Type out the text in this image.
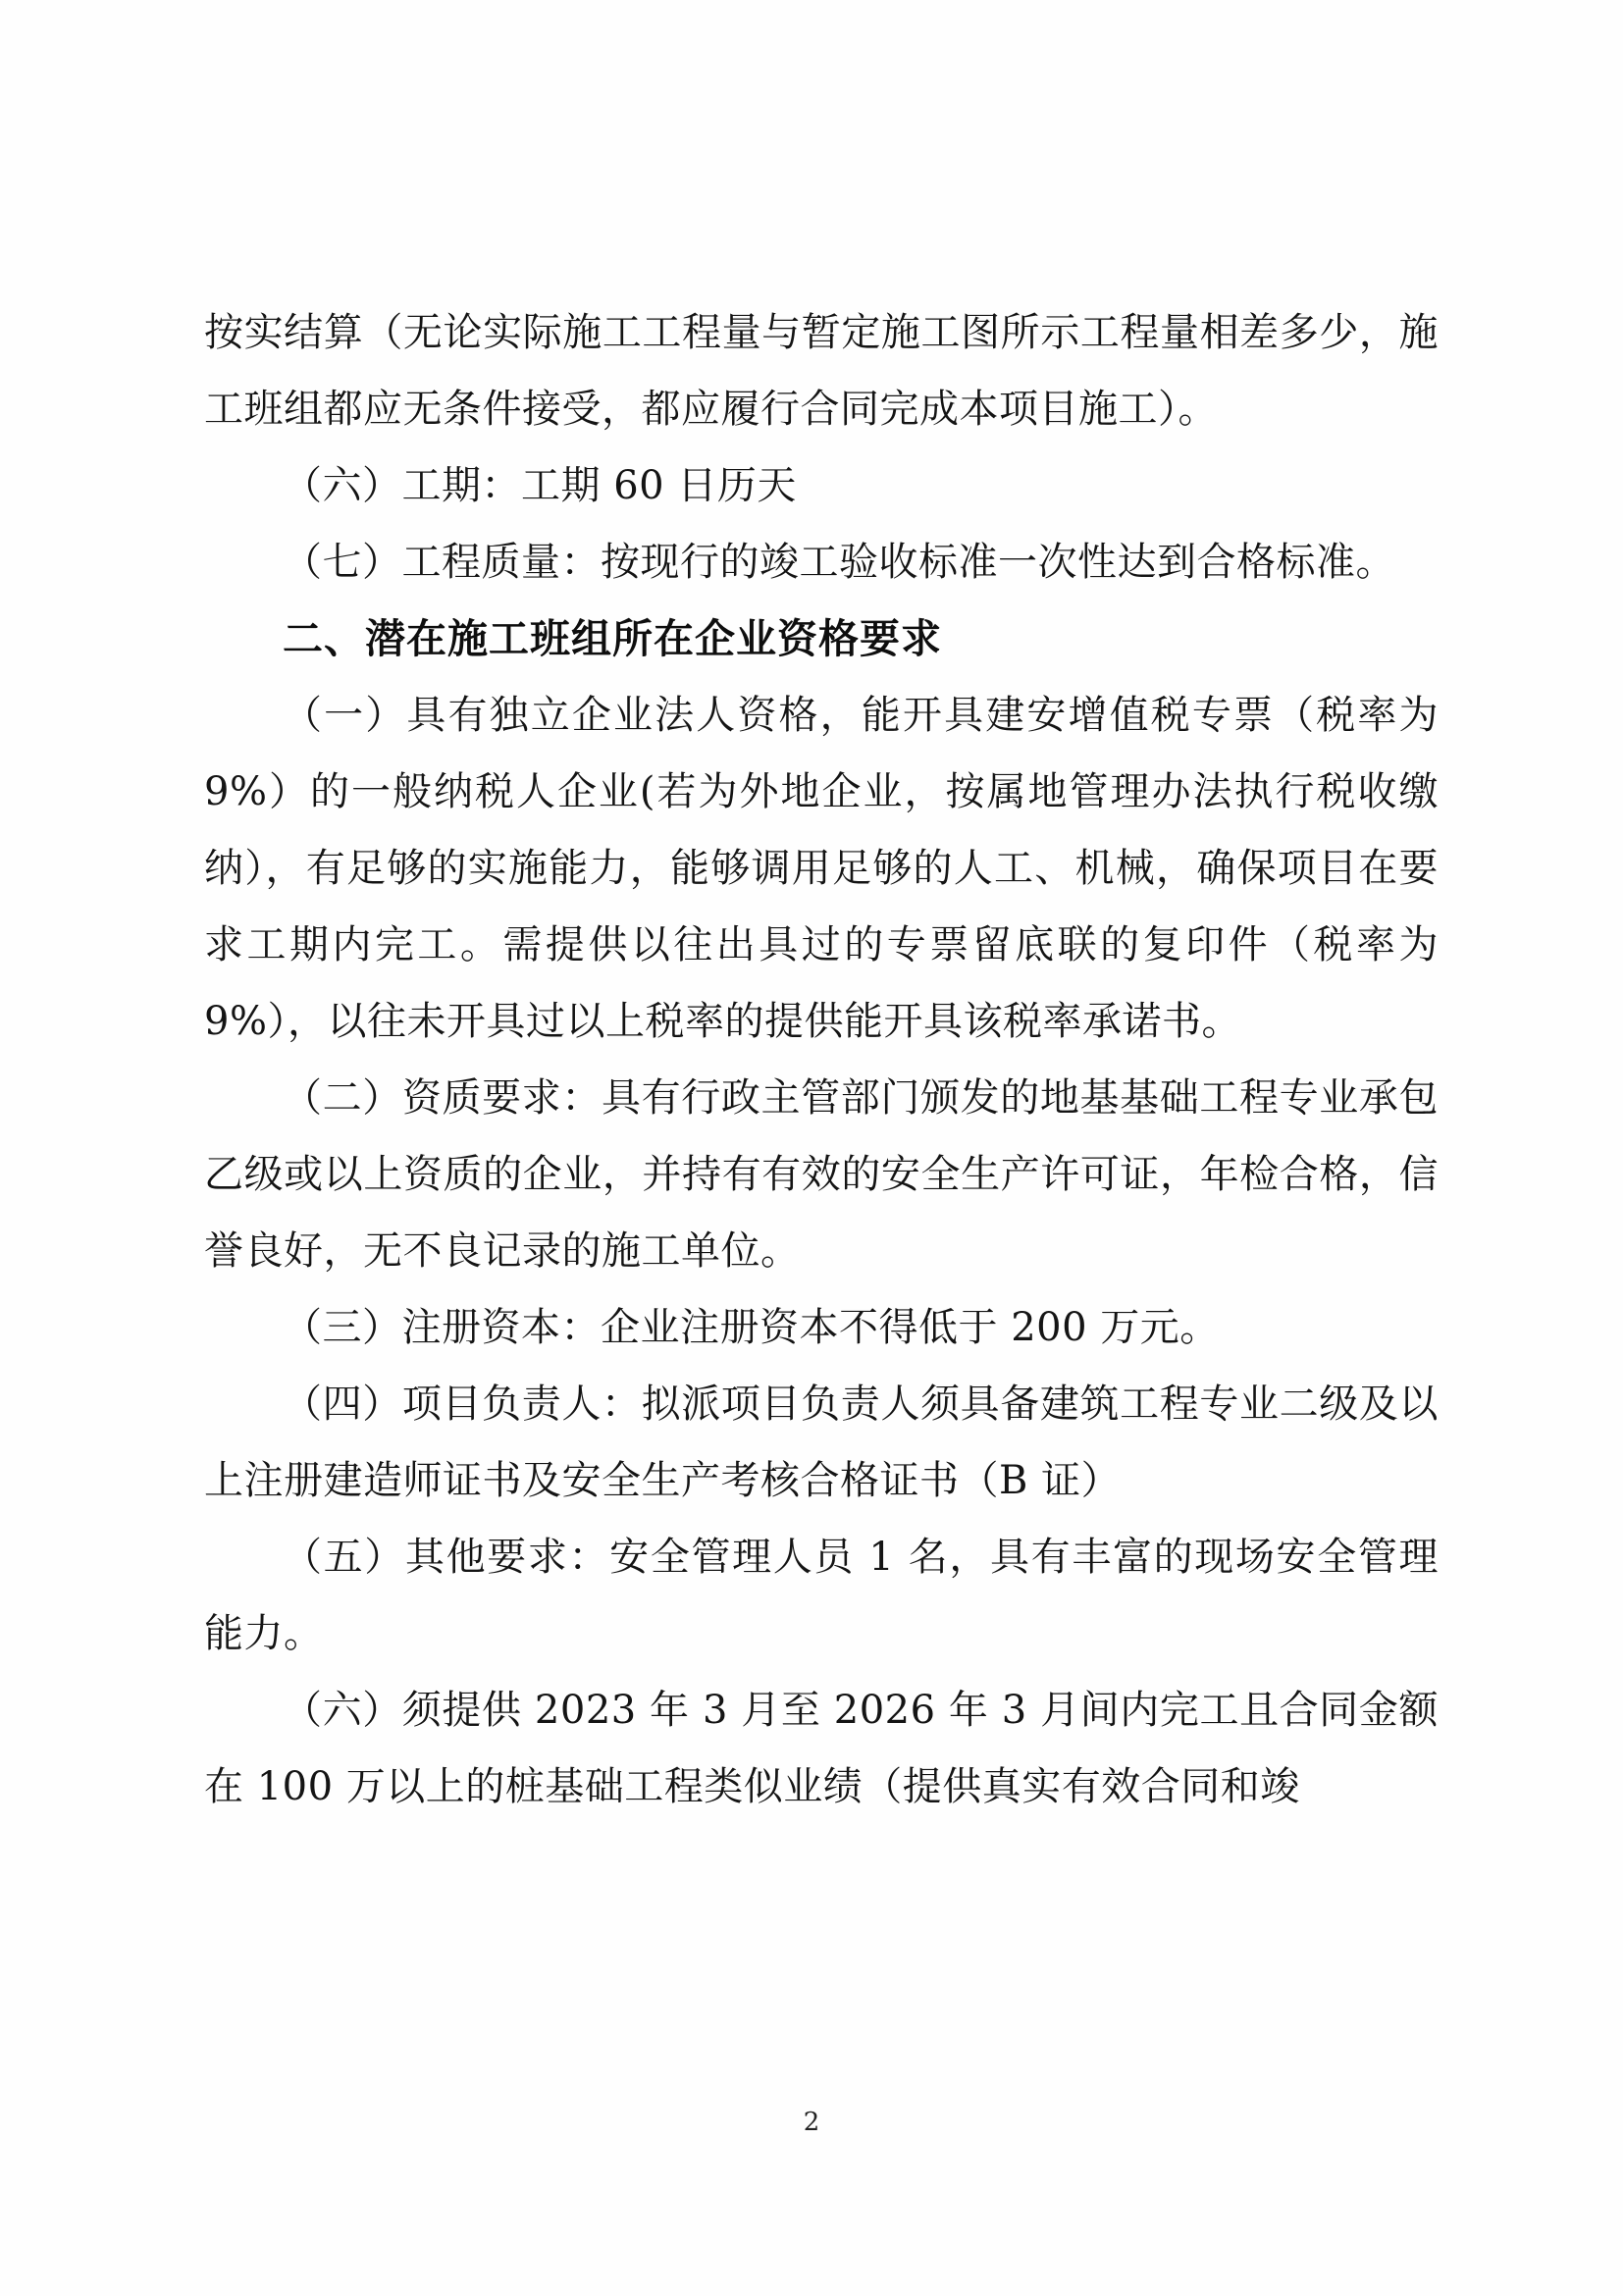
按实结算（无论实际施工工程量与暂定施工图所示工程量相差多少，施工班组都应无条件接受，都应履行合同完成本项目施工）。

（六）工期：工期 60 日历天

（七）工程质量：按现行的竣工验收标准一次性达到合格标准。

二、潜在施工班组所在企业资格要求

（一）具有独立企业法人资格，能开具建安增值税专票（税率为 9%）的一般纳税人企业(若为外地企业，按属地管理办法执行税收缴纳），有足够的实施能力，能够调用足够的人工、机械，确保项目在要求工期内完工。需提供以往出具过的专票留底联的复印件（税率为 9%），以往未开具过以上税率的提供能开具该税率承诺书。

（二）资质要求：具有行政主管部门颁发的地基基础工程专业承包乙级或以上资质的企业，并持有有效的安全生产许可证，年检合格，信誉良好，无不良记录的施工单位。

（三）注册资本：企业注册资本不得低于 200 万元。

（四）项目负责人：拟派项目负责人须具备建筑工程专业二级及以上注册建造师证书及安全生产考核合格证书（B 证）

（五）其他要求：安全管理人员 1 名，具有丰富的现场安全管理能力。

（六）须提供 2023 年 3 月至 2026 年 3 月间内完工且合同金额在 100 万以上的桩基础工程类似业绩（提供真实有效合同和竣

2
